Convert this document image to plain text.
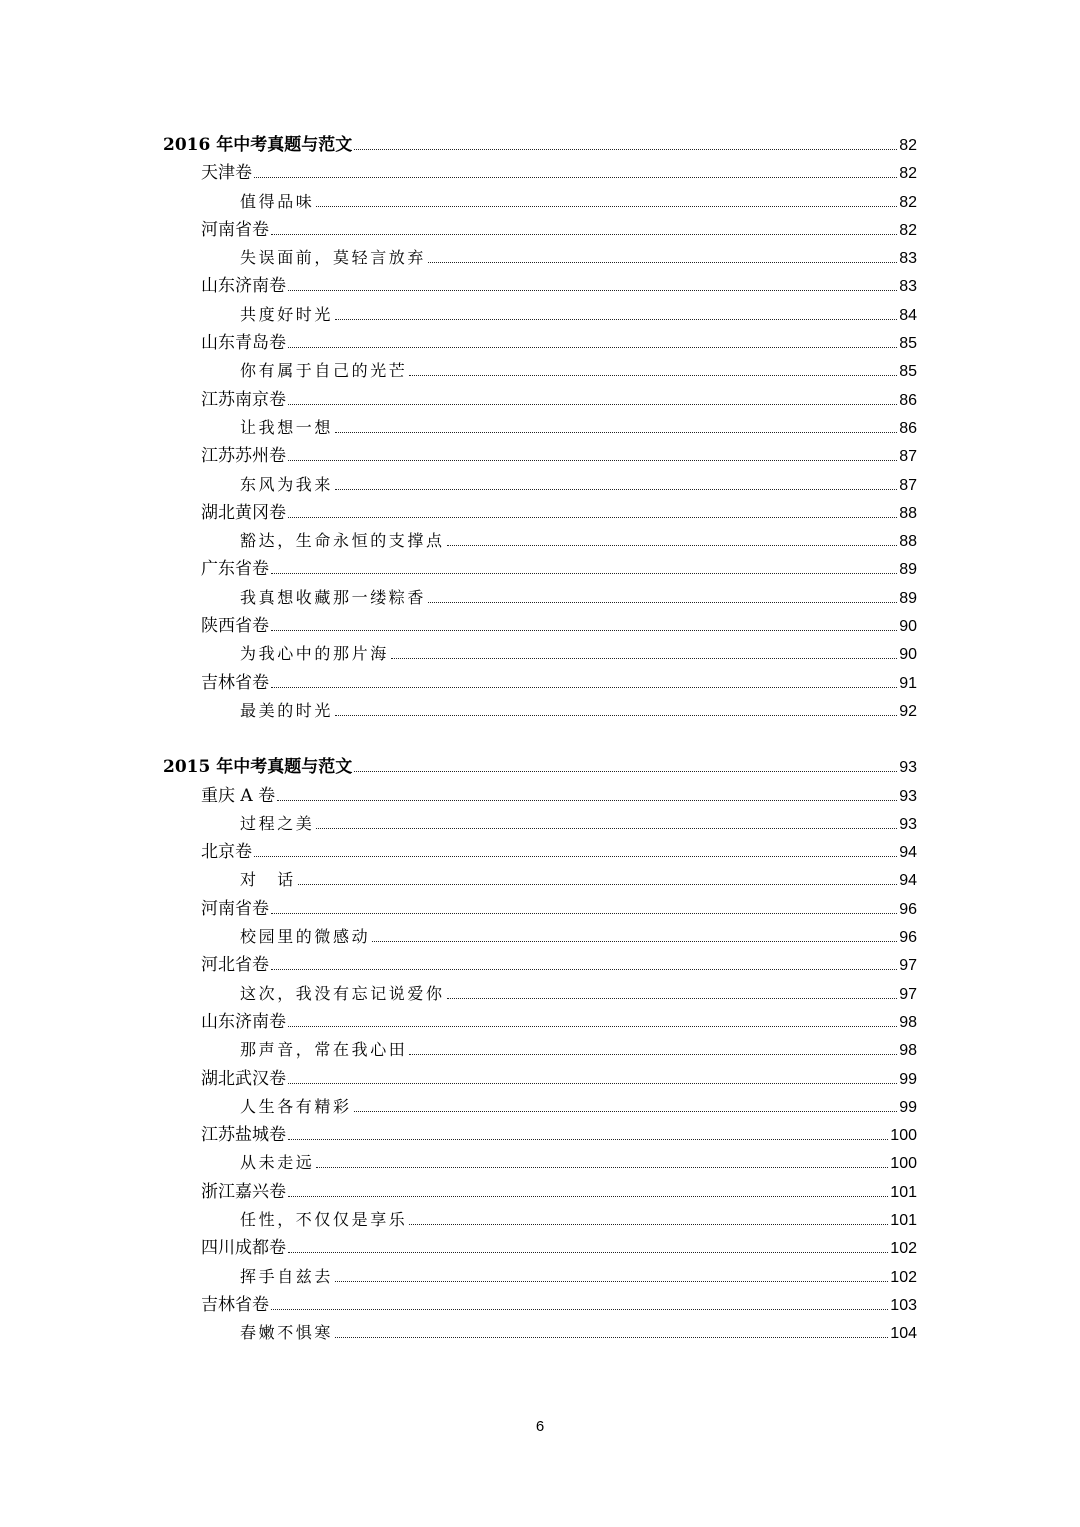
2016 年中考真题与范文	82
天津卷	82
值得品味	82
河南省卷	82
失误面前，莫轻言放弃	83
山东济南卷	83
共度好时光	84
山东青岛卷	85
你有属于自己的光芒	85
江苏南京卷	86
让我想一想	86
江苏苏州卷	87
东风为我来	87
湖北黄冈卷	88
豁达，生命永恒的支撑点	88
广东省卷	89
我真想收藏那一缕粽香	89
陕西省卷	90
为我心中的那片海	90
吉林省卷	91
最美的时光	92
2015 年中考真题与范文	93
重庆 A 卷	93
过程之美	93
北京卷	94
对　话	94
河南省卷	96
校园里的微感动	96
河北省卷	97
这次，我没有忘记说爱你	97
山东济南卷	98
那声音，常在我心田	98
湖北武汉卷	99
人生各有精彩	99
江苏盐城卷	100
从未走远	100
浙江嘉兴卷	101
任性，不仅仅是享乐	101
四川成都卷	102
挥手自兹去	102
吉林省卷	103
春嫩不惧寒	104
6
